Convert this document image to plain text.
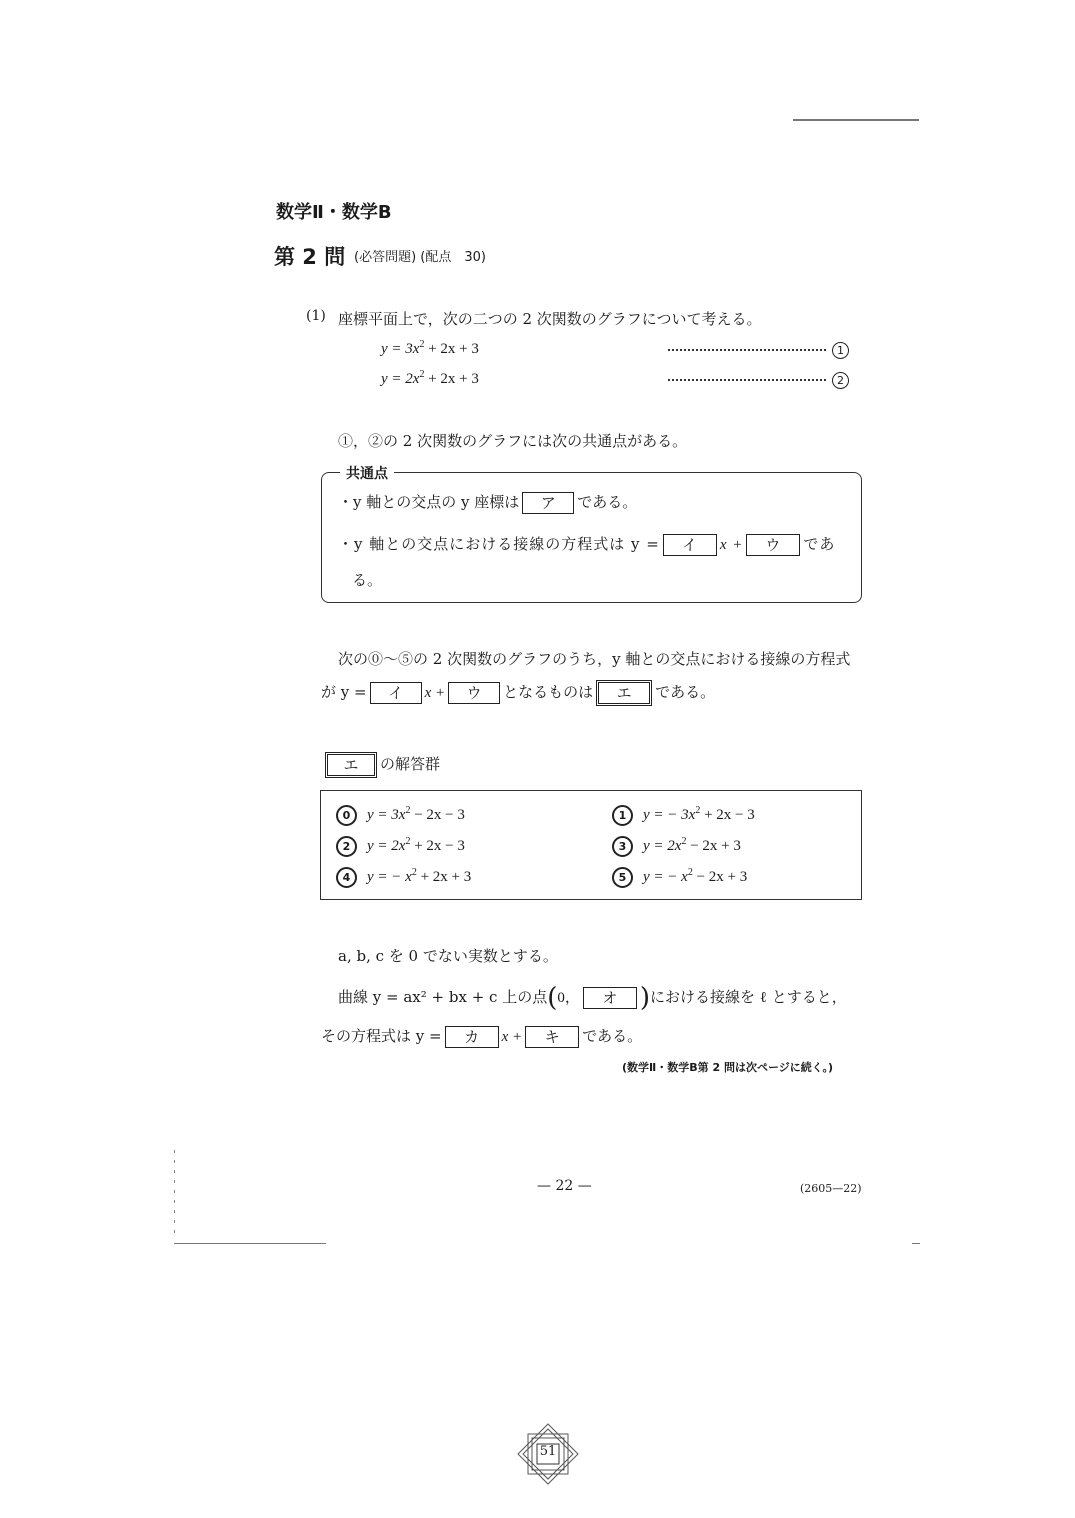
数学Ⅱ・数学B
第 2 問 (必答問題) (配点　30)
(1) 座標平面上で，次の二つの 2 次関数のグラフについて考える。
$y = 3x^2 + 2x + 3$	1
$y = 2x^2 + 2x + 3$	2
①，②の 2 次関数のグラフには次の共通点がある。
共通点
・y 軸との交点の y 座標は ア である。
・y 軸との交点における接線の方程式は y = イ x + ウ であ
る。
次の⓪〜⑤の 2 次関数のグラフのうち，y 軸との交点における接線の方程式
が y = イ x + ウ となるものは エ である。
エ の解答群
0 $y = 3x^2 - 2x - 3$	1 y = − $3x^2 + 2x - 3$
2 $y = 2x^2 + 2x - 3$	3 $y = 2x^2 - 2x + 3$
4 y = − $x^2 + 2x + 3$	5 y = − $x^2 - 2x + 3$
a, b, c を 0 でない実数とする。
曲線 y = ax² + bx + c 上の点(0， オ )における接線を ℓ とすると，
その方程式は y = カ x + キ である。
(数学Ⅱ・数学B第 2 問は次ページに続く。)
— 22 —	(2605—22)
51
